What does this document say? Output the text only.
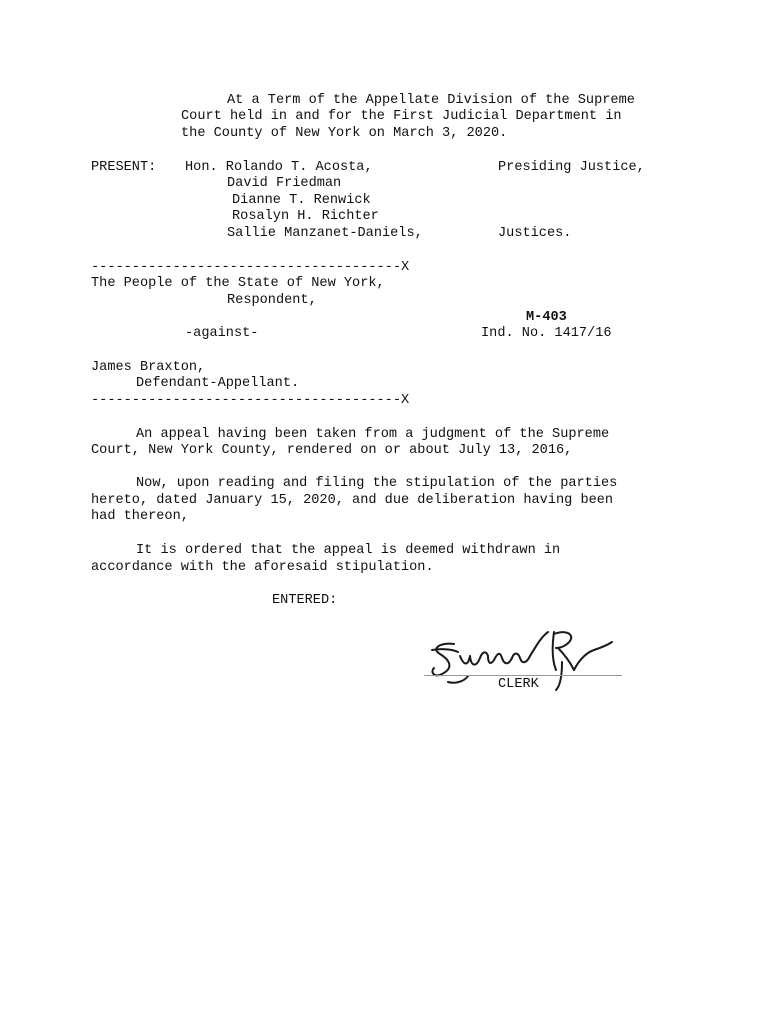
At a Term of the Appellate Division of the Supreme
Court held in and for the First Judicial Department in
the County of New York on March 3, 2020.
PRESENT: Hon. Rolando T. Acosta,	Presiding Justice,
David Friedman
Dianne T. Renwick
Rosalyn H. Richter
Sallie Manzanet-Daniels,	Justices.
--------------------------------------X
The People of the State of New York,
Respondent,
M-403
-against-	Ind. No. 1417/16
James Braxton,
Defendant-Appellant.
--------------------------------------X
An appeal having been taken from a judgment of the Supreme
Court, New York County, rendered on or about July 13, 2016,
Now, upon reading and filing the stipulation of the parties
hereto, dated January 15, 2020, and due deliberation having been
had thereon,
It is ordered that the appeal is deemed withdrawn in
accordance with the aforesaid stipulation.
ENTERED:
CLERK
